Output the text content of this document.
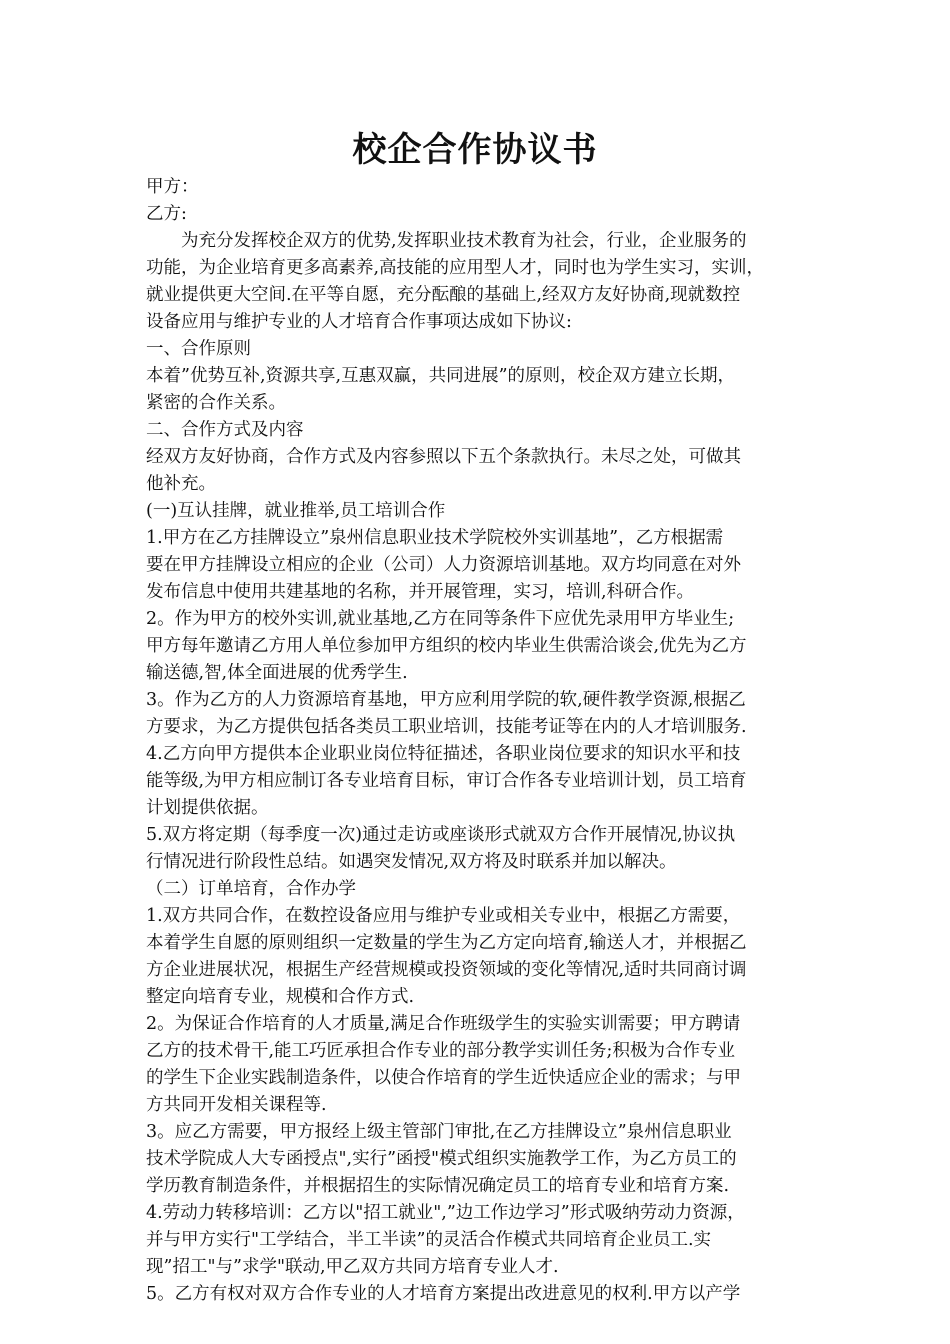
校企合作协议书
甲方：
乙方:
为充分发挥校企双方的优势,发挥职业技术教育为社会，行业，企业服务的
功能，为企业培育更多高素养,高技能的应用型人才，同时也为学生实习，实训，
就业提供更大空间.在平等自愿，充分酝酿的基础上,经双方友好协商,现就数控
设备应用与维护专业的人才培育合作事项达成如下协议:
一、合作原则
本着”优势互补,资源共享,互惠双赢，共同进展”的原则，校企双方建立长期，
紧密的合作关系。
二、合作方式及内容
经双方友好协商，合作方式及内容参照以下五个条款执行。未尽之处，可做其
他补充。
(一)互认挂牌，就业推举,员工培训合作
1.甲方在乙方挂牌设立”泉州信息职业技术学院校外实训基地”，乙方根据需
要在甲方挂牌设立相应的企业（公司）人力资源培训基地。双方均同意在对外
发布信息中使用共建基地的名称，并开展管理，实习，培训,科研合作。
2。作为甲方的校外实训,就业基地,乙方在同等条件下应优先录用甲方毕业生;
甲方每年邀请乙方用人单位参加甲方组织的校内毕业生供需洽谈会,优先为乙方
输送德,智,体全面进展的优秀学生.
3。作为乙方的人力资源培育基地，甲方应利用学院的软,硬件教学资源,根据乙
方要求，为乙方提供包括各类员工职业培训，技能考证等在内的人才培训服务.
4.乙方向甲方提供本企业职业岗位特征描述，各职业岗位要求的知识水平和技
能等级,为甲方相应制订各专业培育目标，审订合作各专业培训计划，员工培育
计划提供依据。
5.双方将定期（每季度一次)通过走访或座谈形式就双方合作开展情况,协议执
行情况进行阶段性总结。如遇突发情况,双方将及时联系并加以解决。
（二）订单培育，合作办学
1.双方共同合作，在数控设备应用与维护专业或相关专业中，根据乙方需要，
本着学生自愿的原则组织一定数量的学生为乙方定向培育,输送人才，并根据乙
方企业进展状况，根据生产经营规模或投资领域的变化等情况,适时共同商讨调
整定向培育专业，规模和合作方式.
2。为保证合作培育的人才质量,满足合作班级学生的实验实训需要；甲方聘请
乙方的技术骨干,能工巧匠承担合作专业的部分教学实训任务;积极为合作专业
的学生下企业实践制造条件，以使合作培育的学生近快适应企业的需求；与甲
方共同开发相关课程等.
3。应乙方需要，甲方报经上级主管部门审批,在乙方挂牌设立”泉州信息职业
技术学院成人大专函授点",实行”函授"模式组织实施教学工作，为乙方员工的
学历教育制造条件，并根据招生的实际情况确定员工的培育专业和培育方案.
4.劳动力转移培训：乙方以"招工就业",”边工作边学习”形式吸纳劳动力资源，
并与甲方实行"工学结合，半工半读”的灵活合作模式共同培育企业员工.实
现”招工"与”求学"联动,甲乙双方共同方培育专业人才.
5。乙方有权对双方合作专业的人才培育方案提出改进意见的权利.甲方以产学
